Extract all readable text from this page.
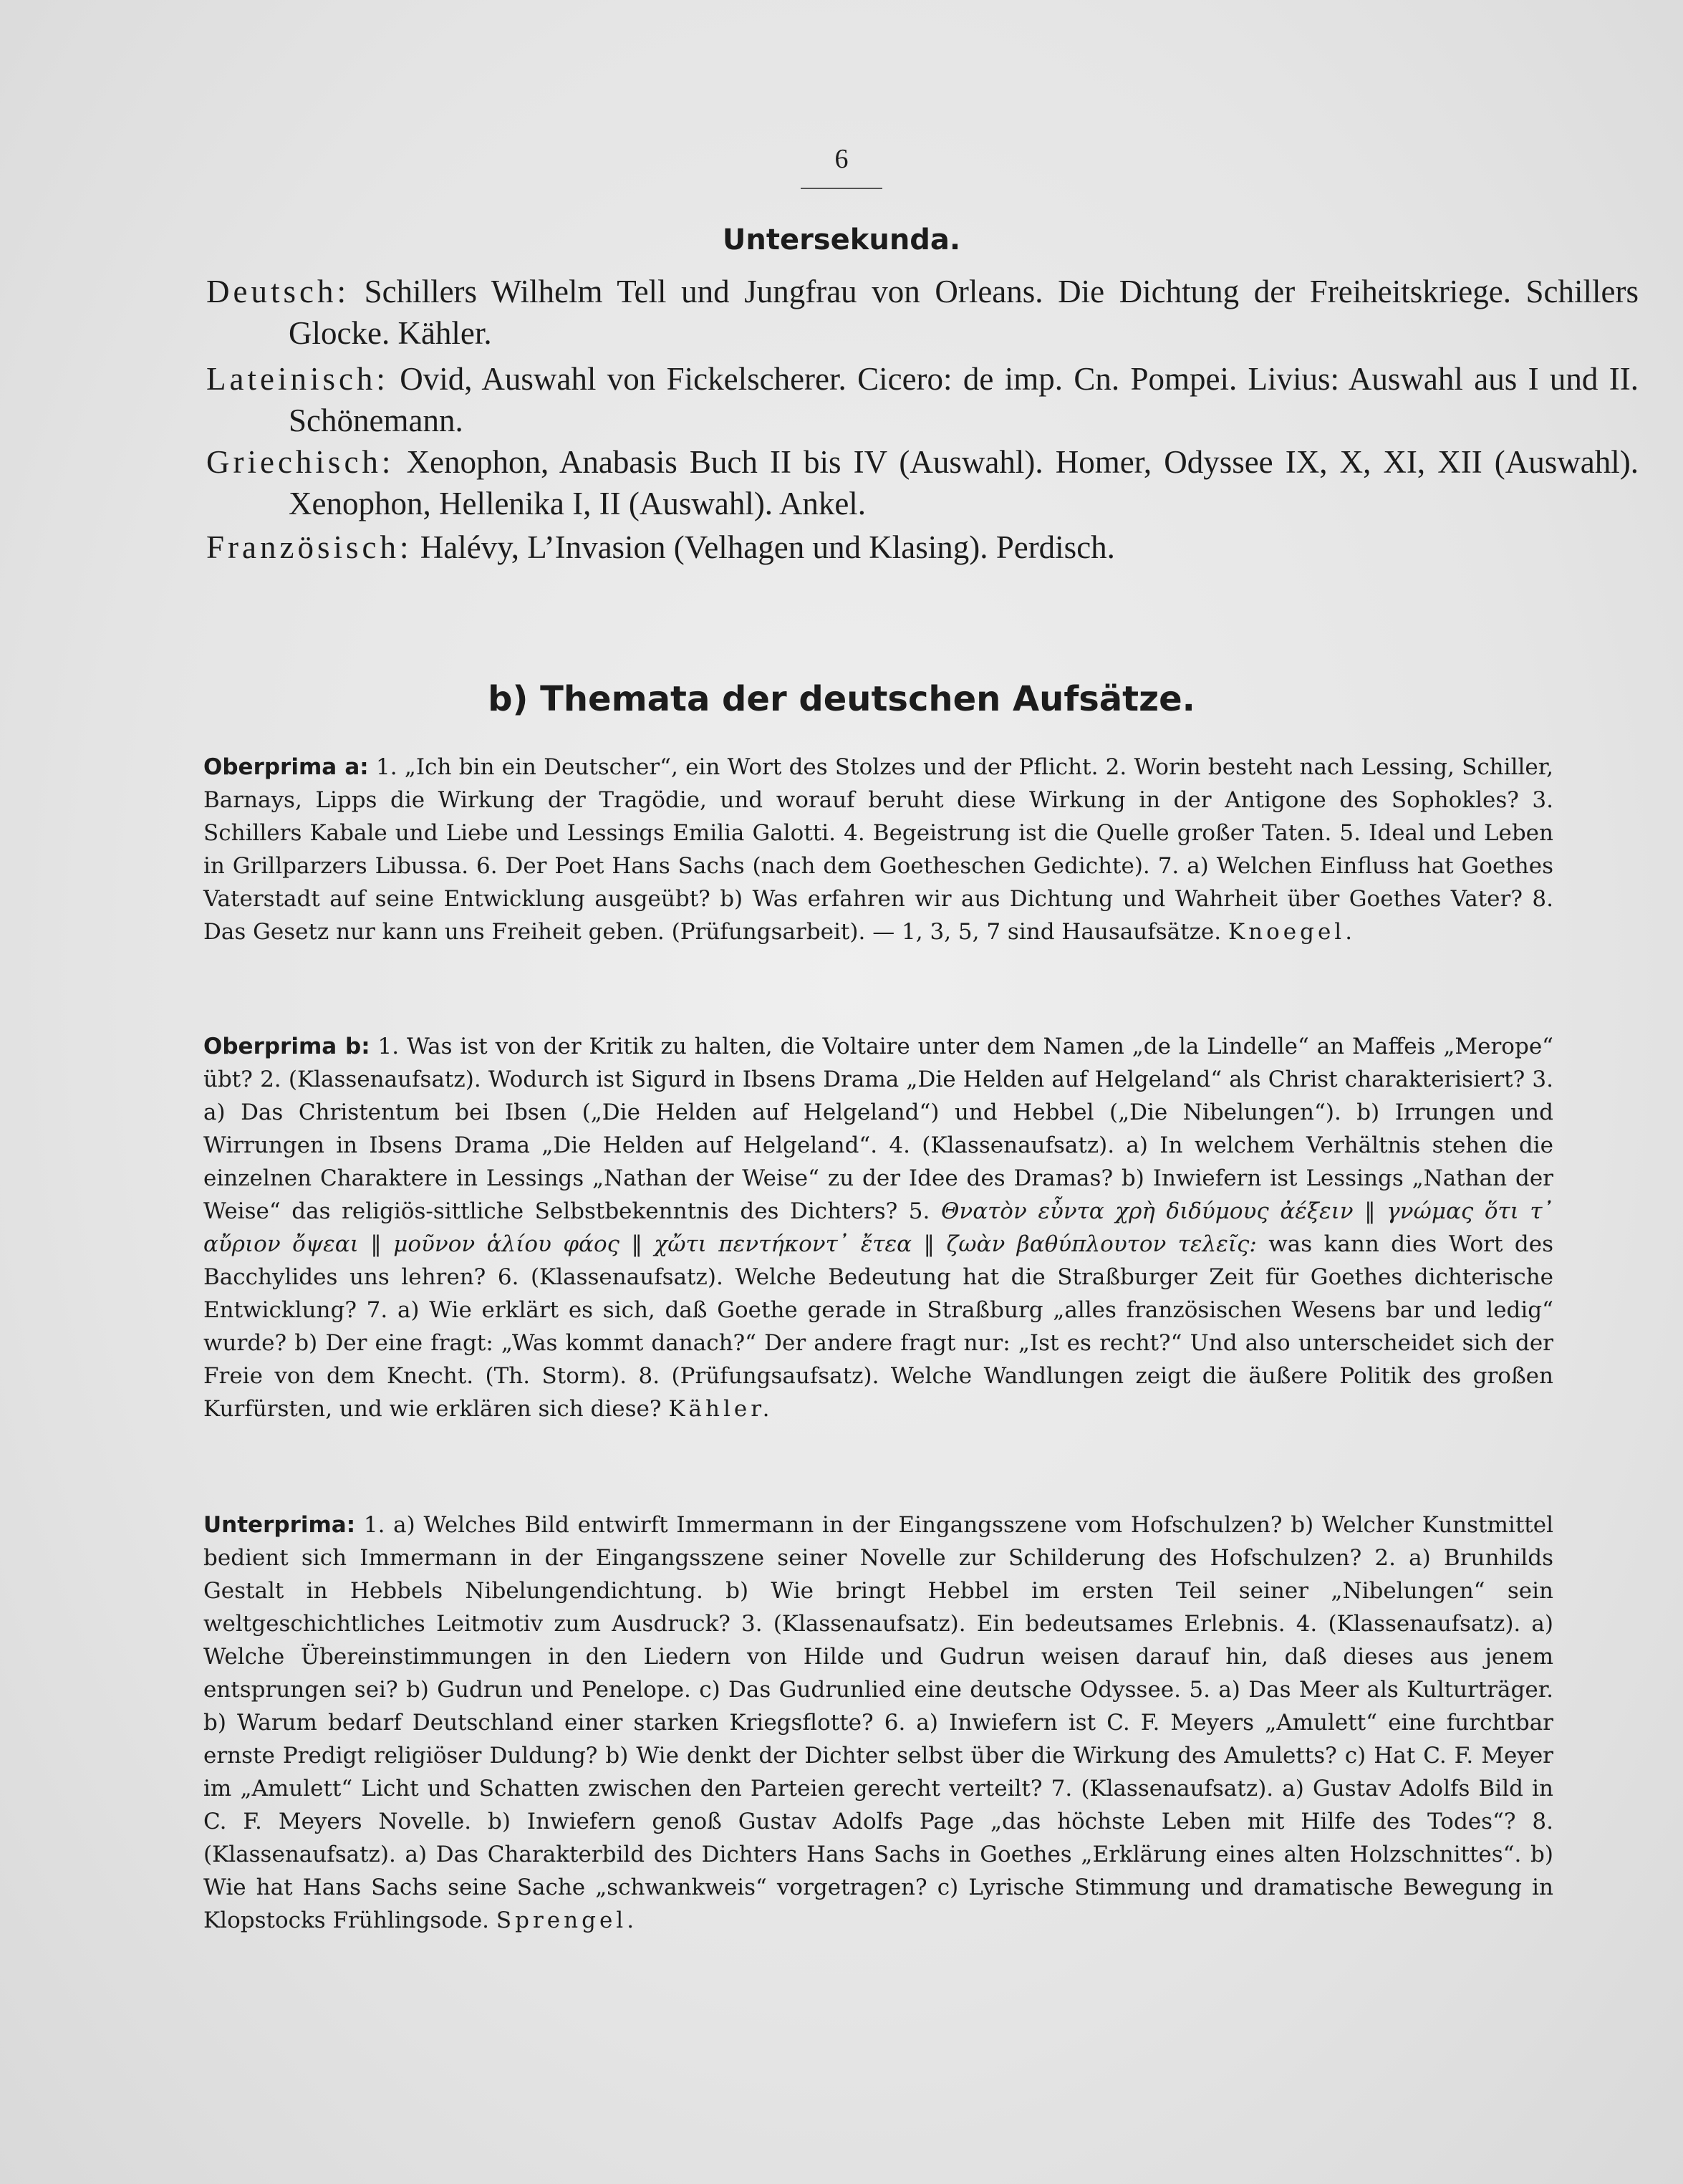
6
Untersekunda.
Deutsch: Schillers Wilhelm Tell und Jungfrau von Orleans. Die Dichtung der Freiheitskriege. Schillers Glocke. Kähler.
Lateinisch: Ovid, Auswahl von Fickelscherer. Cicero: de imp. Cn. Pompei. Livius: Auswahl aus I und II. Schönemann.
Griechisch: Xenophon, Anabasis Buch II bis IV (Auswahl). Homer, Odyssee IX, X, XI, XII (Auswahl). Xenophon, Hellenika I, II (Auswahl). Ankel.
Französisch: Halévy, L’Invasion (Velhagen und Klasing). Perdisch.
b) Themata der deutschen Aufsätze.
Oberprima a: 1. „Ich bin ein Deutscher“, ein Wort des Stolzes und der Pflicht. 2. Worin besteht nach Lessing, Schiller, Barnays, Lipps die Wirkung der Tragödie, und worauf beruht diese Wirkung in der Antigone des Sophokles? 3. Schillers Kabale und Liebe und Lessings Emilia Galotti. 4. Begeistrung ist die Quelle großer Taten. 5. Ideal und Leben in Grillparzers Libussa. 6. Der Poet Hans Sachs (nach dem Goetheschen Gedichte). 7. a) Welchen Einfluss hat Goethes Vaterstadt auf seine Entwicklung ausgeübt? b) Was erfahren wir aus Dichtung und Wahrheit über Goethes Vater? 8. Das Gesetz nur kann uns Freiheit geben. (Prüfungsarbeit). — 1, 3, 5, 7 sind Hausaufsätze. Knoegel.
Oberprima b: 1. Was ist von der Kritik zu halten, die Voltaire unter dem Namen „de la Lindelle“ an Maffeis „Merope“ übt? 2. (Klassenaufsatz). Wodurch ist Sigurd in Ibsens Drama „Die Helden auf Helgeland“ als Christ charakterisiert? 3. a) Das Christentum bei Ibsen („Die Helden auf Helgeland“) und Hebbel („Die Nibelungen“). b) Irrungen und Wirrungen in Ibsens Drama „Die Helden auf Helgeland“. 4. (Klassenaufsatz). a) In welchem Verhältnis stehen die einzelnen Charaktere in Lessings „Nathan der Weise“ zu der Idee des Dramas? b) Inwiefern ist Lessings „Nathan der Weise“ das religiös-sittliche Selbstbekenntnis des Dichters? 5. Θνατὸν εὖντα χρὴ διδύμους ἀέξειν ‖ γνώμας ὅτι τ᾽ αὔριον ὄψεαι ‖ μοῦνον ἁλίου φάος ‖ χὤτι πεντήκοντ᾽ ἔτεα ‖ ζωὰν βαθύπλουτον τελεῖς: was kann dies Wort des Bacchylides uns lehren? 6. (Klassenaufsatz). Welche Bedeutung hat die Straßburger Zeit für Goethes dichterische Entwicklung? 7. a) Wie erklärt es sich, daß Goethe gerade in Straßburg „alles französischen Wesens bar und ledig“ wurde? b) Der eine fragt: „Was kommt danach?“ Der andere fragt nur: „Ist es recht?“ Und also unterscheidet sich der Freie von dem Knecht. (Th. Storm). 8. (Prüfungsaufsatz). Welche Wandlungen zeigt die äußere Politik des großen Kurfürsten, und wie erklären sich diese? Kähler.
Unterprima: 1. a) Welches Bild entwirft Immermann in der Eingangsszene vom Hofschulzen? b) Welcher Kunstmittel bedient sich Immermann in der Eingangsszene seiner Novelle zur Schilderung des Hofschulzen? 2. a) Brunhilds Gestalt in Hebbels Nibelungendichtung. b) Wie bringt Hebbel im ersten Teil seiner „Nibelungen“ sein weltgeschichtliches Leitmotiv zum Ausdruck? 3. (Klassenaufsatz). Ein bedeutsames Erlebnis. 4. (Klassenaufsatz). a) Welche Übereinstimmungen in den Liedern von Hilde und Gudrun weisen darauf hin, daß dieses aus jenem entsprungen sei? b) Gudrun und Penelope. c) Das Gudrunlied eine deutsche Odyssee. 5. a) Das Meer als Kulturträger. b) Warum bedarf Deutschland einer starken Kriegsflotte? 6. a) Inwiefern ist C. F. Meyers „Amulett“ eine furchtbar ernste Predigt religiöser Duldung? b) Wie denkt der Dichter selbst über die Wirkung des Amuletts? c) Hat C. F. Meyer im „Amulett“ Licht und Schatten zwischen den Parteien gerecht verteilt? 7. (Klassenaufsatz). a) Gustav Adolfs Bild in C. F. Meyers Novelle. b) Inwiefern genoß Gustav Adolfs Page „das höchste Leben mit Hilfe des Todes“? 8. (Klassenaufsatz). a) Das Charakterbild des Dichters Hans Sachs in Goethes „Erklärung eines alten Holzschnittes“. b) Wie hat Hans Sachs seine Sache „schwankweis“ vorgetragen? c) Lyrische Stimmung und dramatische Bewegung in Klopstocks Frühlingsode. Sprengel.
